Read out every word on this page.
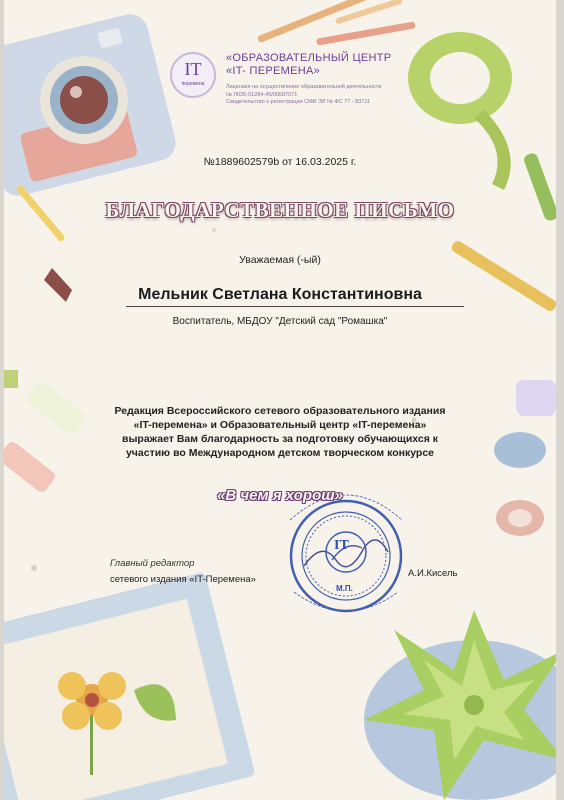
IT
перемена
«ОБРАЗОВАТЕЛЬНЫЙ ЦЕНТР
«IT- ПЕРЕМЕНА»
Лицензия на осуществление образовательной деятельности
№ Л035-01284-45/00587071
Свидетельство о регистрации СМИ ЭЛ № ФС 77 - 83711
№1889602579b от 16.03.2025 г.
БЛАГОДАРСТВЕННОЕ ПИСЬМО
Уважаемая (-ый)
Мельник Светлана Константиновна
Воспитатель, МБДОУ "Детский сад "Ромашка"
Редакция Всероссийского сетевого образовательного издания
«IT-перемена» и Образовательный центр «IT-перемена»
выражает Вам благодарность за подготовку обучающихся к
участию во Международном детском творческом конкурсе
«В чем я хорош»
Главный редактор
сетевого издания «IT-Перемена»
А.И.Кисель
IT
М.П.
